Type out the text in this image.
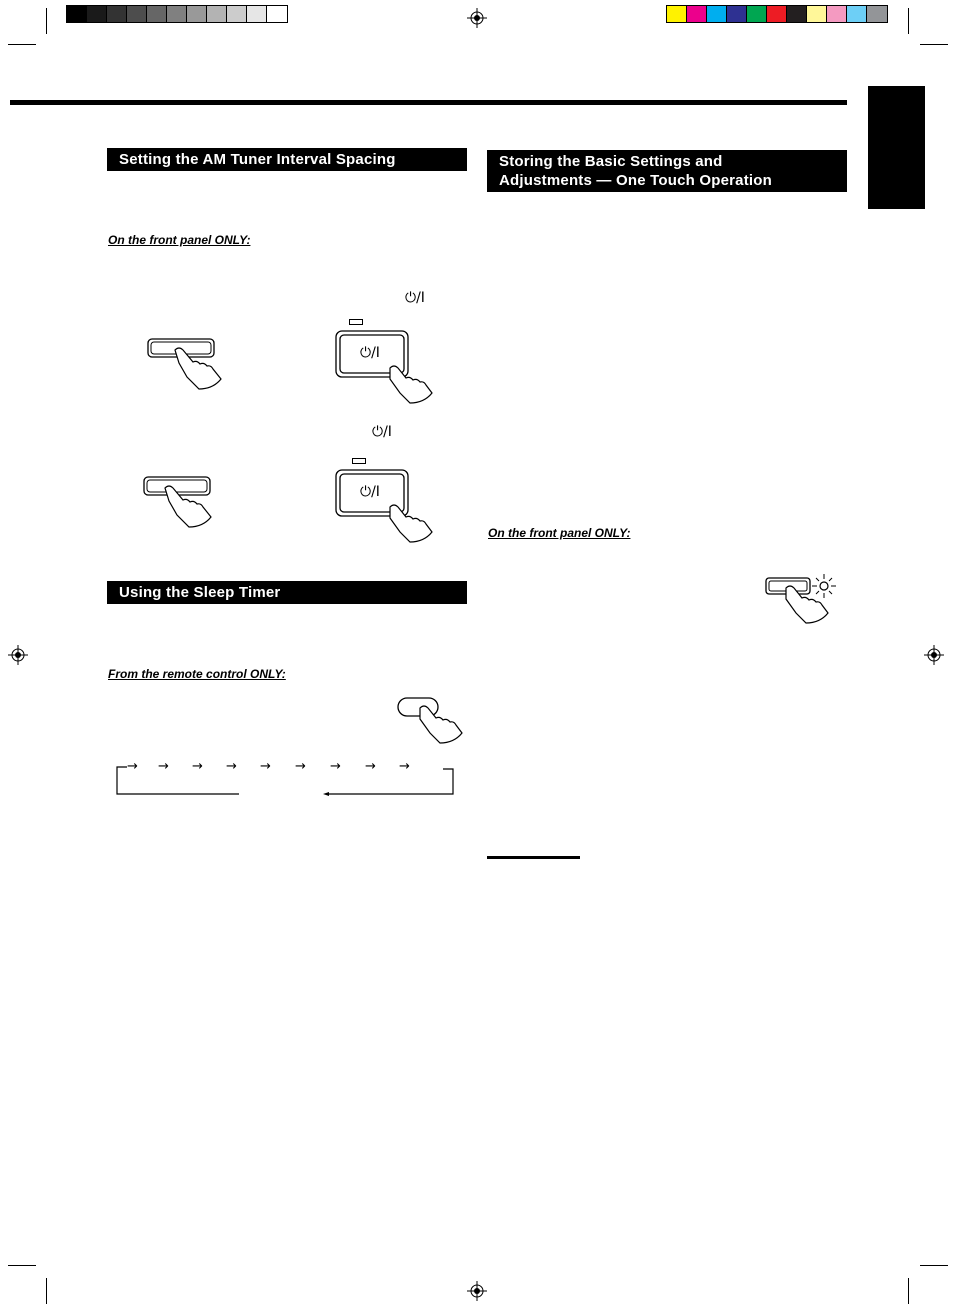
Setting the AM Tuner Interval Spacing
On the front panel ONLY:
⏻/I
⏻/I
⏻/I
⏻/I
Using the Sleep Timer
From the remote control ONLY:
→ → → → → → → → →
Storing the Basic Settings and
Adjustments — One Touch Operation
On the front panel ONLY:
